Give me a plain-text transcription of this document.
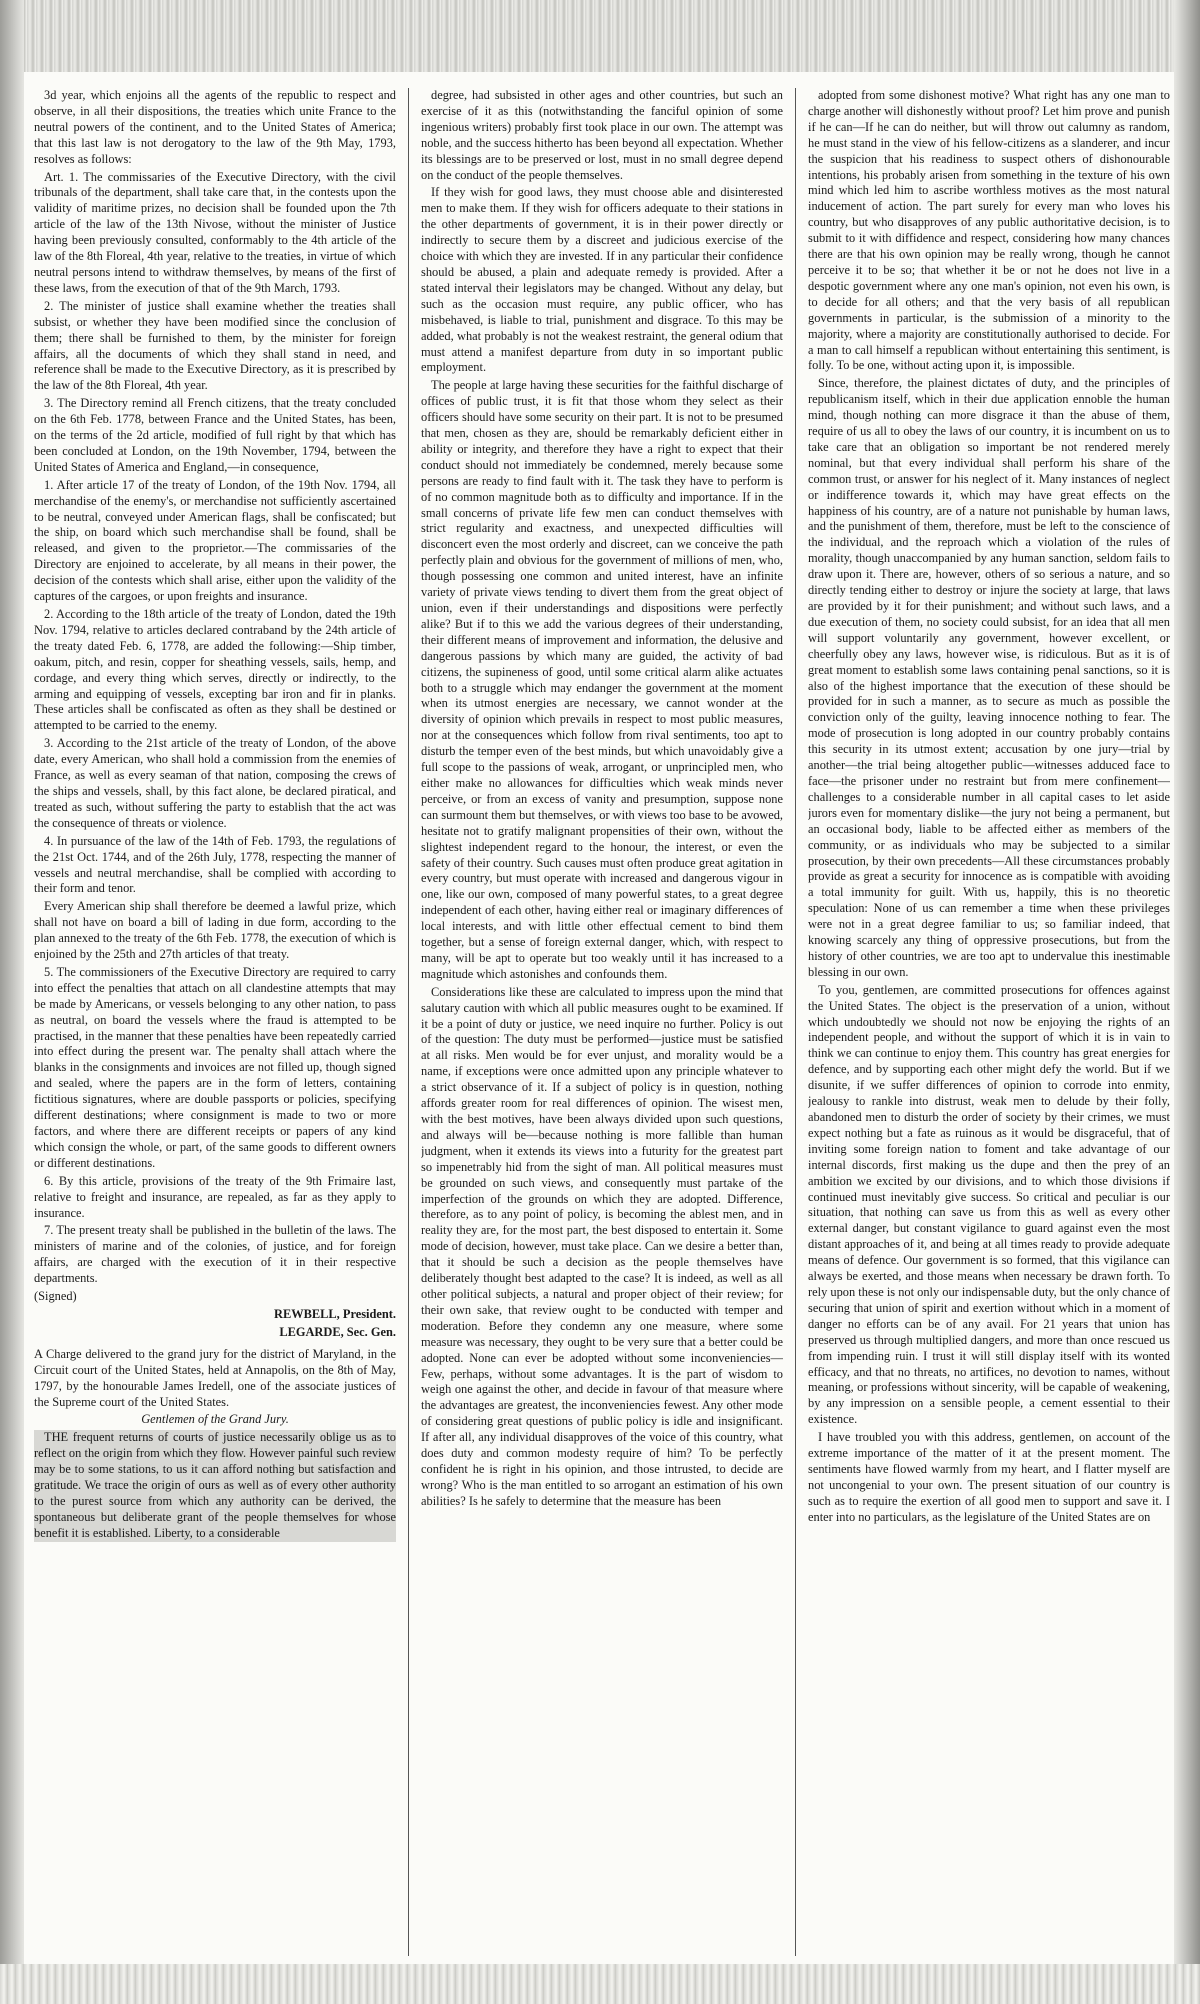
3d year, which enjoins all the agents of the republic to respect and observe, in all their dispositions, the treaties which unite France to the neutral powers of the continent, and to the United States of America; that this last law is not derogatory to the law of the 9th May, 1793, resolves as follows:

Art. 1. The commissaries of the Executive Directory, with the civil tribunals of the department, shall take care that, in the contests upon the validity of maritime prizes, no decision shall be founded upon the 7th article of the law of the 13th Nivose, without the minister of Justice having been previously consulted, conformably to the 4th article of the law of the 8th Floreal, 4th year, relative to the treaties, in virtue of which neutral persons intend to withdraw themselves, by means of the first of these laws, from the execution of that of the 9th March, 1793.

2. The minister of justice shall examine whether the treaties shall subsist, or whether they have been modified since the conclusion of them; there shall be furnished to them, by the minister for foreign affairs, all the documents of which they shall stand in need, and reference shall be made to the Executive Directory, as it is prescribed by the law of the 8th Floreal, 4th year.

3. The Directory remind all French citizens, that the treaty concluded on the 6th Feb. 1778, between France and the United States, has been, on the terms of the 2d article, modified of full right by that which has been concluded at London, on the 19th November, 1794, between the United States of America and England,—in consequence,

1. After article 17 of the treaty of London, of the 19th Nov. 1794, all merchandise of the enemy's, or merchandise not sufficiently ascertained to be neutral, conveyed under American flags, shall be confiscated; but the ship, on board which such merchandise shall be found, shall be released, and given to the proprietor.—The commissaries of the Directory are enjoined to accelerate, by all means in their power, the decision of the contests which shall arise, either upon the validity of the captures of the cargoes, or upon freights and insurance.

2. According to the 18th article of the treaty of London, dated the 19th Nov. 1794, relative to articles declared contraband by the 24th article of the treaty dated Feb. 6, 1778, are added the following:—Ship timber, oakum, pitch, and resin, copper for sheathing vessels, sails, hemp, and cordage, and every thing which serves, directly or indirectly, to the arming and equipping of vessels, excepting bar iron and fir in planks. These articles shall be confiscated as often as they shall be destined or attempted to be carried to the enemy.

3. According to the 21st article of the treaty of London, of the above date, every American, who shall hold a commission from the enemies of France, as well as every seaman of that nation, composing the crews of the ships and vessels, shall, by this fact alone, be declared piratical, and treated as such, without suffering the party to establish that the act was the consequence of threats or violence.

4. In pursuance of the law of the 14th of Feb. 1793, the regulations of the 21st Oct. 1744, and of the 26th July, 1778, respecting the manner of vessels and neutral merchandise, shall be complied with according to their form and tenor.

Every American ship shall therefore be deemed a lawful prize, which shall not have on board a bill of lading in due form, according to the plan annexed to the treaty of the 6th Feb. 1778, the execution of which is enjoined by the 25th and 27th articles of that treaty.

5. The commissioners of the Executive Directory are required to carry into effect the penalties that attach on all clandestine attempts that may be made by Americans, or vessels belonging to any other nation, to pass as neutral, on board the vessels where the fraud is attempted to be practised, in the manner that these penalties have been repeatedly carried into effect during the present war. The penalty shall attach where the blanks in the consignments and invoices are not filled up, though signed and sealed, where the papers are in the form of letters, containing fictitious signatures, where are double passports or policies, specifying different destinations; where consignment is made to two or more factors, and where there are different receipts or papers of any kind which consign the whole, or part, of the same goods to different owners or different destinations.

6. By this article, provisions of the treaty of the 9th Frimaire last, relative to freight and insurance, are repealed, as far as they apply to insurance.

7. The present treaty shall be published in the bulletin of the laws. The ministers of marine and of the colonies, of justice, and for foreign affairs, are charged with the execution of it in their respective departments.

(Signed)

REWBELL, President.

LEGARDE, Sec. Gen.

A Charge delivered to the grand jury for the district of Maryland, in the Circuit court of the United States, held at Annapolis, on the 8th of May, 1797, by the honourable James Iredell, one of the associate justices of the Supreme court of the United States.

Gentlemen of the Grand Jury.

THE frequent returns of courts of justice necessarily oblige us as to reflect on the origin from which they flow. However painful such review may be to some stations, to us it can afford nothing but satisfaction and gratitude. We trace the origin of ours as well as of every other authority to the purest source from which any authority can be derived, the spontaneous but deliberate grant of the people themselves for whose benefit it is established. Liberty, to a considerable

degree, had subsisted in other ages and other countries, but such an exercise of it as this (notwithstanding the fanciful opinion of some ingenious writers) probably first took place in our own. The attempt was noble, and the success hitherto has been beyond all expectation. Whether its blessings are to be preserved or lost, must in no small degree depend on the conduct of the people themselves.

If they wish for good laws, they must choose able and disinterested men to make them. If they wish for officers adequate to their stations in the other departments of government, it is in their power directly or indirectly to secure them by a discreet and judicious exercise of the choice with which they are invested. If in any particular their confidence should be abused, a plain and adequate remedy is provided. After a stated interval their legislators may be changed. Without any delay, but such as the occasion must require, any public officer, who has misbehaved, is liable to trial, punishment and disgrace. To this may be added, what probably is not the weakest restraint, the general odium that must attend a manifest departure from duty in so important public employment.

The people at large having these securities for the faithful discharge of offices of public trust, it is fit that those whom they select as their officers should have some security on their part. It is not to be presumed that men, chosen as they are, should be remarkably deficient either in ability or integrity, and therefore they have a right to expect that their conduct should not immediately be condemned, merely because some persons are ready to find fault with it. The task they have to perform is of no common magnitude both as to difficulty and importance. If in the small concerns of private life few men can conduct themselves with strict regularity and exactness, and unexpected difficulties will disconcert even the most orderly and discreet, can we conceive the path perfectly plain and obvious for the government of millions of men, who, though possessing one common and united interest, have an infinite variety of private views tending to divert them from the great object of union, even if their understandings and dispositions were perfectly alike? But if to this we add the various degrees of their understanding, their different means of improvement and information, the delusive and dangerous passions by which many are guided, the activity of bad citizens, the supineness of good, until some critical alarm alike actuates both to a struggle which may endanger the government at the moment when its utmost energies are necessary, we cannot wonder at the diversity of opinion which prevails in respect to most public measures, nor at the consequences which follow from rival sentiments, too apt to disturb the temper even of the best minds, but which unavoidably give a full scope to the passions of weak, arrogant, or unprincipled men, who either make no allowances for difficulties which weak minds never perceive, or from an excess of vanity and presumption, suppose none can surmount them but themselves, or with views too base to be avowed, hesitate not to gratify malignant propensities of their own, without the slightest independent regard to the honour, the interest, or even the safety of their country. Such causes must often produce great agitation in every country, but must operate with increased and dangerous vigour in one, like our own, composed of many powerful states, to a great degree independent of each other, having either real or imaginary differences of local interests, and with little other effectual cement to bind them together, but a sense of foreign external danger, which, with respect to many, will be apt to operate but too weakly until it has increased to a magnitude which astonishes and confounds them.

Considerations like these are calculated to impress upon the mind that salutary caution with which all public measures ought to be examined. If it be a point of duty or justice, we need inquire no further. Policy is out of the question: The duty must be performed—justice must be satisfied at all risks. Men would be for ever unjust, and morality would be a name, if exceptions were once admitted upon any principle whatever to a strict observance of it. If a subject of policy is in question, nothing affords greater room for real differences of opinion. The wisest men, with the best motives, have been always divided upon such questions, and always will be—because nothing is more fallible than human judgment, when it extends its views into a futurity for the greatest part so impenetrably hid from the sight of man. All political measures must be grounded on such views, and consequently must partake of the imperfection of the grounds on which they are adopted. Difference, therefore, as to any point of policy, is becoming the ablest men, and in reality they are, for the most part, the best disposed to entertain it. Some mode of decision, however, must take place. Can we desire a better than, that it should be such a decision as the people themselves have deliberately thought best adapted to the case? It is indeed, as well as all other political subjects, a natural and proper object of their review; for their own sake, that review ought to be conducted with temper and moderation. Before they condemn any one measure, where some measure was necessary, they ought to be very sure that a better could be adopted. None can ever be adopted without some inconveniencies—Few, perhaps, without some advantages. It is the part of wisdom to weigh one against the other, and decide in favour of that measure where the advantages are greatest, the inconveniencies fewest. Any other mode of considering great questions of public policy is idle and insignificant. If after all, any individual disapproves of the voice of this country, what does duty and common modesty require of him? To be perfectly confident he is right in his opinion, and those intrusted, to decide are wrong? Who is the man entitled to so arrogant an estimation of his own abilities? Is he safely to determine that the measure has been

adopted from some dishonest motive? What right has any one man to charge another will dishonestly without proof? Let him prove and punish if he can—If he can do neither, but will throw out calumny as random, he must stand in the view of his fellow-citizens as a slanderer, and incur the suspicion that his readiness to suspect others of dishonourable intentions, his probably arisen from something in the texture of his own mind which led him to ascribe worthless motives as the most natural inducement of action. The part surely for every man who loves his country, but who disapproves of any public authoritative decision, is to submit to it with diffidence and respect, considering how many chances there are that his own opinion may be really wrong, though he cannot perceive it to be so; that whether it be or not he does not live in a despotic government where any one man's opinion, not even his own, is to decide for all others; and that the very basis of all republican governments in particular, is the submission of a minority to the majority, where a majority are constitutionally authorised to decide. For a man to call himself a republican without entertaining this sentiment, is folly. To be one, without acting upon it, is impossible.

Since, therefore, the plainest dictates of duty, and the principles of republicanism itself, which in their due application ennoble the human mind, though nothing can more disgrace it than the abuse of them, require of us all to obey the laws of our country, it is incumbent on us to take care that an obligation so important be not rendered merely nominal, but that every individual shall perform his share of the common trust, or answer for his neglect of it. Many instances of neglect or indifference towards it, which may have great effects on the happiness of his country, are of a nature not punishable by human laws, and the punishment of them, therefore, must be left to the conscience of the individual, and the reproach which a violation of the rules of morality, though unaccompanied by any human sanction, seldom fails to draw upon it. There are, however, others of so serious a nature, and so directly tending either to destroy or injure the society at large, that laws are provided by it for their punishment; and without such laws, and a due execution of them, no society could subsist, for an idea that all men will support voluntarily any government, however excellent, or cheerfully obey any laws, however wise, is ridiculous. But as it is of great moment to establish some laws containing penal sanctions, so it is also of the highest importance that the execution of these should be provided for in such a manner, as to secure as much as possible the conviction only of the guilty, leaving innocence nothing to fear. The mode of prosecution is long adopted in our country probably contains this security in its utmost extent; accusation by one jury—trial by another—the trial being altogether public—witnesses adduced face to face—the prisoner under no restraint but from mere confinement—challenges to a considerable number in all capital cases to let aside jurors even for momentary dislike—the jury not being a permanent, but an occasional body, liable to be affected either as members of the community, or as individuals who may be subjected to a similar prosecution, by their own precedents—All these circumstances probably provide as great a security for innocence as is compatible with avoiding a total immunity for guilt. With us, happily, this is no theoretic speculation: None of us can remember a time when these privileges were not in a great degree familiar to us; so familiar indeed, that knowing scarcely any thing of oppressive prosecutions, but from the history of other countries, we are too apt to undervalue this inestimable blessing in our own.

To you, gentlemen, are committed prosecutions for offences against the United States. The object is the preservation of a union, without which undoubtedly we should not now be enjoying the rights of an independent people, and without the support of which it is in vain to think we can continue to enjoy them. This country has great energies for defence, and by supporting each other might defy the world. But if we disunite, if we suffer differences of opinion to corrode into enmity, jealousy to rankle into distrust, weak men to delude by their folly, abandoned men to disturb the order of society by their crimes, we must expect nothing but a fate as ruinous as it would be disgraceful, that of inviting some foreign nation to foment and take advantage of our internal discords, first making us the dupe and then the prey of an ambition we excited by our divisions, and to which those divisions if continued must inevitably give success. So critical and peculiar is our situation, that nothing can save us from this as well as every other external danger, but constant vigilance to guard against even the most distant approaches of it, and being at all times ready to provide adequate means of defence. Our government is so formed, that this vigilance can always be exerted, and those means when necessary be drawn forth. To rely upon these is not only our indispensable duty, but the only chance of securing that union of spirit and exertion without which in a moment of danger no efforts can be of any avail. For 21 years that union has preserved us through multiplied dangers, and more than once rescued us from impending ruin. I trust it will still display itself with its wonted efficacy, and that no threats, no artifices, no devotion to names, without meaning, or professions without sincerity, will be capable of weakening, by any impression on a sensible people, a cement essential to their existence.

I have troubled you with this address, gentlemen, on account of the extreme importance of the matter of it at the present moment. The sentiments have flowed warmly from my heart, and I flatter myself are not uncongenial to your own. The present situation of our country is such as to require the exertion of all good men to support and save it. I enter into no particulars, as the legislature of the United States are on
